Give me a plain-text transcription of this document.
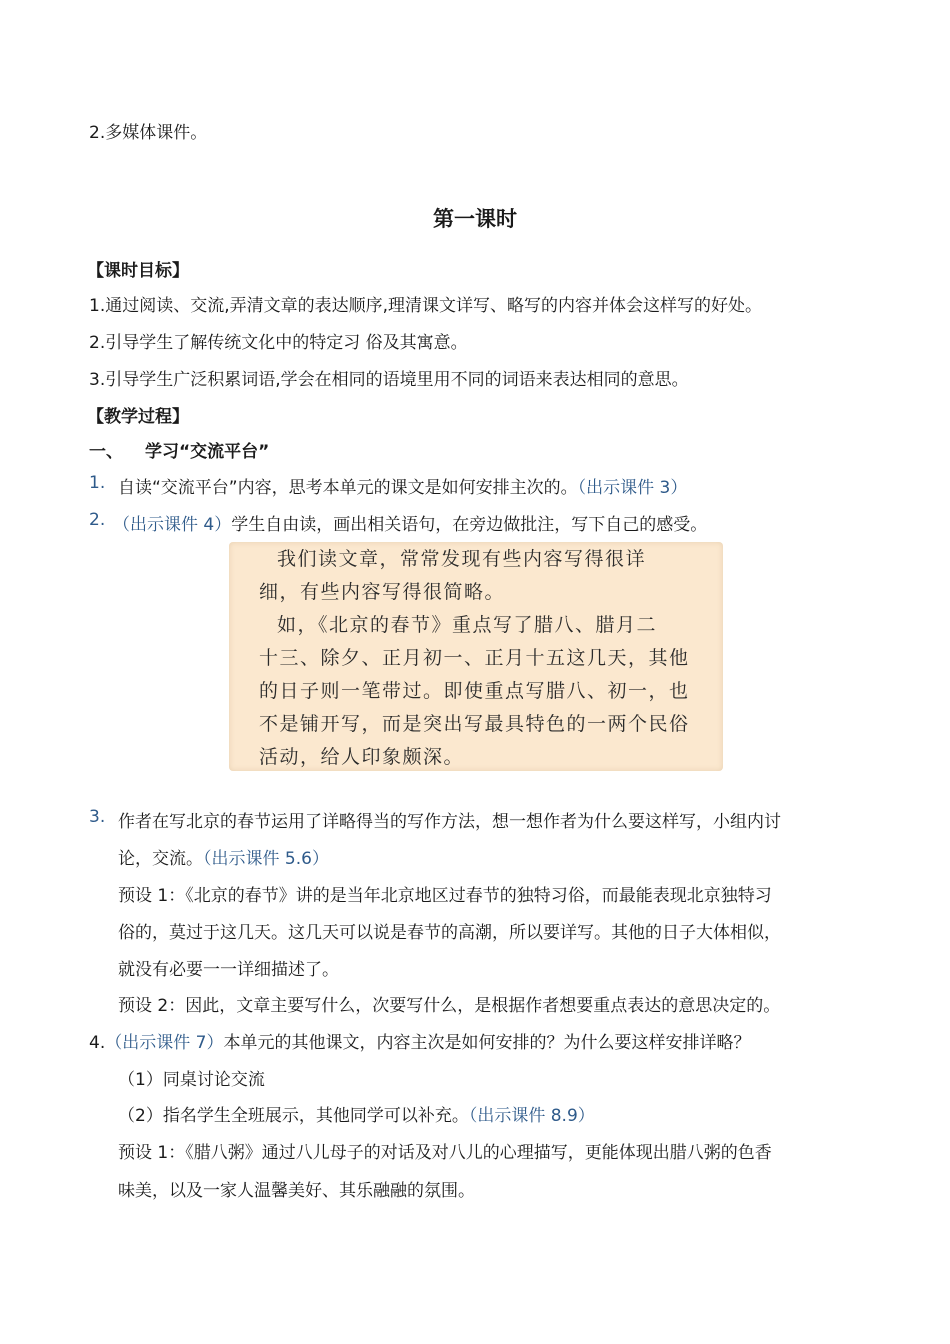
2.多媒体课件。
第一课时
【课时目标】
1.通过阅读、交流,弄清文章的表达顺序,理清课文详写、略写的内容并体会这样写的好处。
2.引导学生了解传统文化中的特定习 俗及其寓意。
3.引导学生广泛积累词语,学会在相同的语境里用不同的词语来表达相同的意思。
【教学过程】
一、 学习“交流平台”
1. 自读“交流平台”内容，思考本单元的课文是如何安排主次的。（出示课件 3）
2. （出示课件 4）学生自由读，画出相关语句，在旁边做批注，写下自己的感受。
我们读文章，常常发现有些内容写得很详
细，有些内容写得很简略。
如，《北京的春节》重点写了腊八、腊月二
十三、除夕、正月初一、正月十五这几天，其他
的日子则一笔带过。即使重点写腊八、初一，也
不是铺开写，而是突出写最具特色的一两个民俗
活动，给人印象颇深。
3. 作者在写北京的春节运用了详略得当的写作方法，想一想作者为什么要这样写，小组内讨
论，交流。（出示课件 5.6）
预设 1：《北京的春节》讲的是当年北京地区过春节的独特习俗，而最能表现北京独特习
俗的，莫过于这几天。这几天可以说是春节的高潮，所以要详写。其他的日子大体相似，
就没有必要一一详细描述了。
预设 2：因此，文章主要写什么，次要写什么，是根据作者想要重点表达的意思决定的。
4.（出示课件 7）本单元的其他课文，内容主次是如何安排的？为什么要这样安排详略？
（1）同桌讨论交流
（2）指名学生全班展示，其他同学可以补充。（出示课件 8.9）
预设 1：《腊八粥》通过八儿母子的对话及对八儿的心理描写，更能体现出腊八粥的色香
味美，以及一家人温馨美好、其乐融融的氛围。
